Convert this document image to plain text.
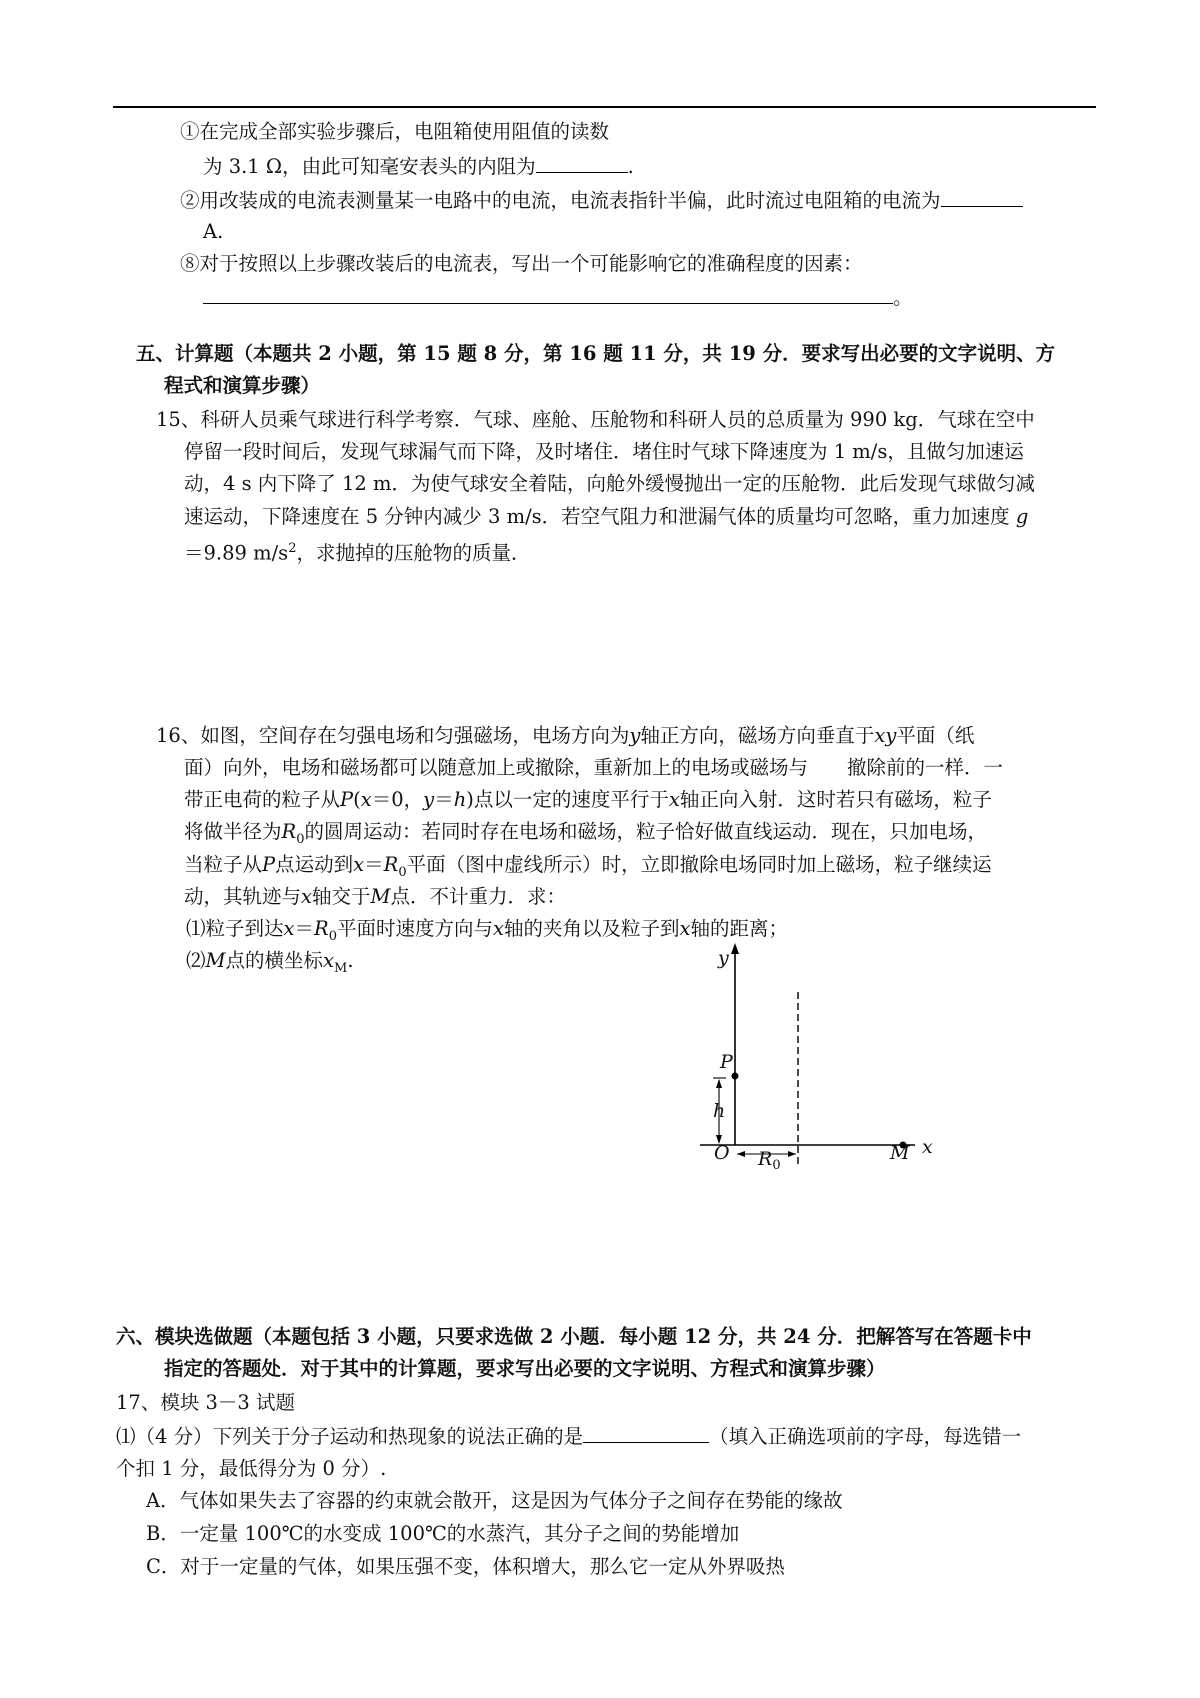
①在完成全部实验步骤后，电阻箱使用阻值的读数
为 3.1 Ω，由此可知毫安表头的内阻为	.
②用改装成的电流表测量某一电路中的电流，电流表指针半偏，此时流过电阻箱的电流为
A.
⑧对于按照以上步骤改装后的电流表，写出一个可能影响它的准确程度的因素：
。
五、计算题（本题共 2 小题，第 15 题 8 分，第 16 题 11 分，共 19 分．要求写出必要的文字说明、方
程式和演算步骤）
15、科研人员乘气球进行科学考察．气球、座舱、压舱物和科研人员的总质量为 990 kg．气球在空中
停留一段时间后，发现气球漏气而下降，及时堵住．堵住时气球下降速度为 1 m/s，且做匀加速运
动，4 s 内下降了 12 m．为使气球安全着陆，向舱外缓慢抛出一定的压舱物．此后发现气球做匀减
速运动，下降速度在 5 分钟内减少 3 m/s．若空气阻力和泄漏气体的质量均可忽略，重力加速度 g
＝9.89 $m/s^2$，求抛掉的压舱物的质量．
16、如图，空间存在匀强电场和匀强磁场，电场方向为y轴正方向，磁场方向垂直于xy平面（纸
面）向外，电场和磁场都可以随意加上或撤除，重新加上的电场或磁场与　　撤除前的一样．一
带正电荷的粒子从P(x＝0，y＝h)点以一定的速度平行于x轴正向入射．这时若只有磁场，粒子
将做半径为$R_0$的圆周运动：若同时存在电场和磁场，粒子恰好做直线运动．现在，只加电场，
当粒子从P点运动到$x=R_0$平面（图中虚线所示）时，立即撤除电场同时加上磁场，粒子继续运
动，其轨迹与x轴交于M点．不计重力．求：
⑴粒子到达$x=R_0$平面时速度方向与x轴的夹角以及粒子到x轴的距离；
⑵M点的横坐标$x_M$.	y
x
O
P
h
M
$R_0$
六、模块选做题（本题包括 3 小题，只要求选做 2 小题．每小题 12 分，共 24 分．把解答写在答题卡中
指定的答题处．对于其中的计算题，要求写出必要的文字说明、方程式和演算步骤）
17、模块 3－3 试题
⑴（4 分）下列关于分子运动和热现象的说法正确的是	（填入正确选项前的字母，每选错一
个扣 1 分，最低得分为 0 分）.
A．气体如果失去了容器的约束就会散开，这是因为气体分子之间存在势能的缘故
B．一定量 100℃的水变成 100℃的水蒸汽，其分子之间的势能增加
C．对于一定量的气体，如果压强不变，体积增大，那么它一定从外界吸热
